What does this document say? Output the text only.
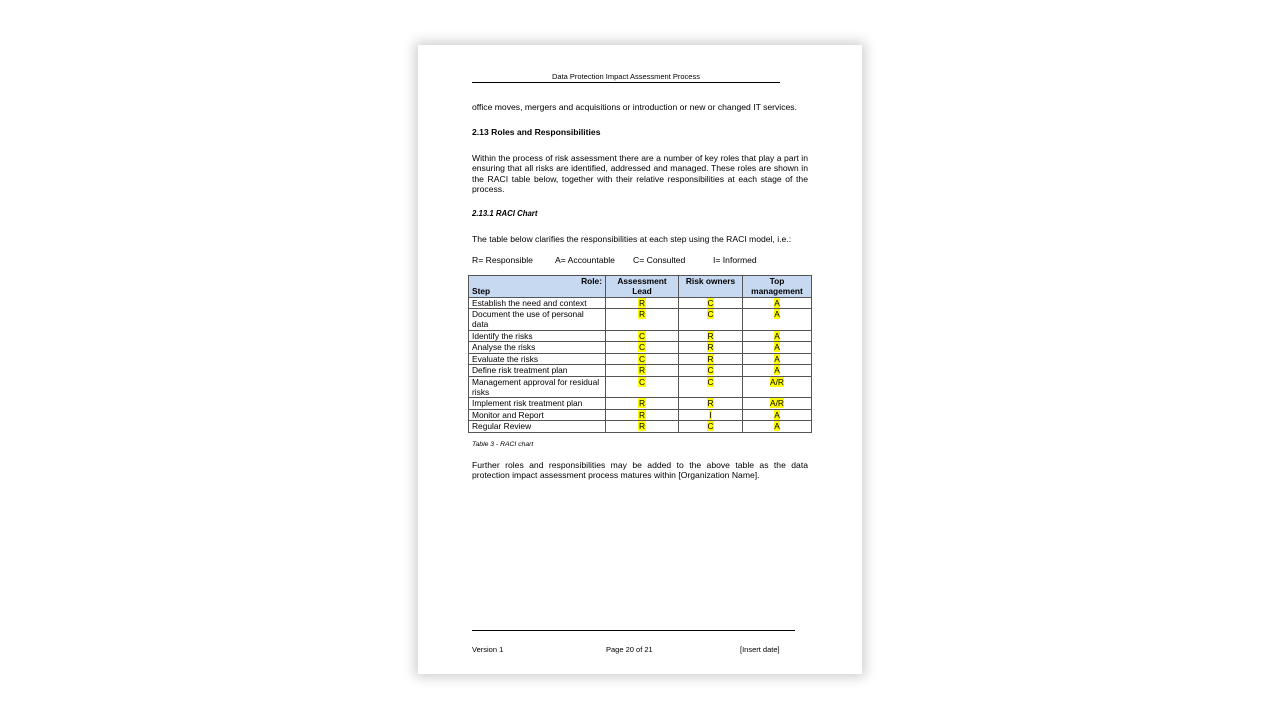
Data Protection Impact Assessment Process

office moves, mergers and acquisitions or introduction or new or changed IT services.

2.13 Roles and Responsibilities

Within the process of risk assessment there are a number of key roles that play a part in ensuring that all risks are identified, addressed and managed. These roles are shown in the RACI table below, together with their relative responsibilities at each stage of the process.

2.13.1 RACI Chart

The table below clarifies the responsibilities at each step using the RACI model, i.e.:

R= Responsible	A= Accountable C= Consulted	I= Informed
Role:
Step	Assessment Lead	Risk owners	Top management
Establish the need and context	R	C	A
Document the use of personal data	R	C	A
Identify the risks	C	R	A
Analyse the risks	C	R	A
Evaluate the risks	C	R	A
Define risk treatment plan	R	C	A
Management approval for residual risks	C	C	A/R
Implement risk treatment plan	R	R	A/R
Monitor and Report	R	I	A
Regular Review	R	C	A
Table 3 - RACI chart

Further roles and responsibilities may be added to the above table as the data protection impact assessment process matures within [Organization Name].

Version 1	Page 20 of 21	[Insert date]
